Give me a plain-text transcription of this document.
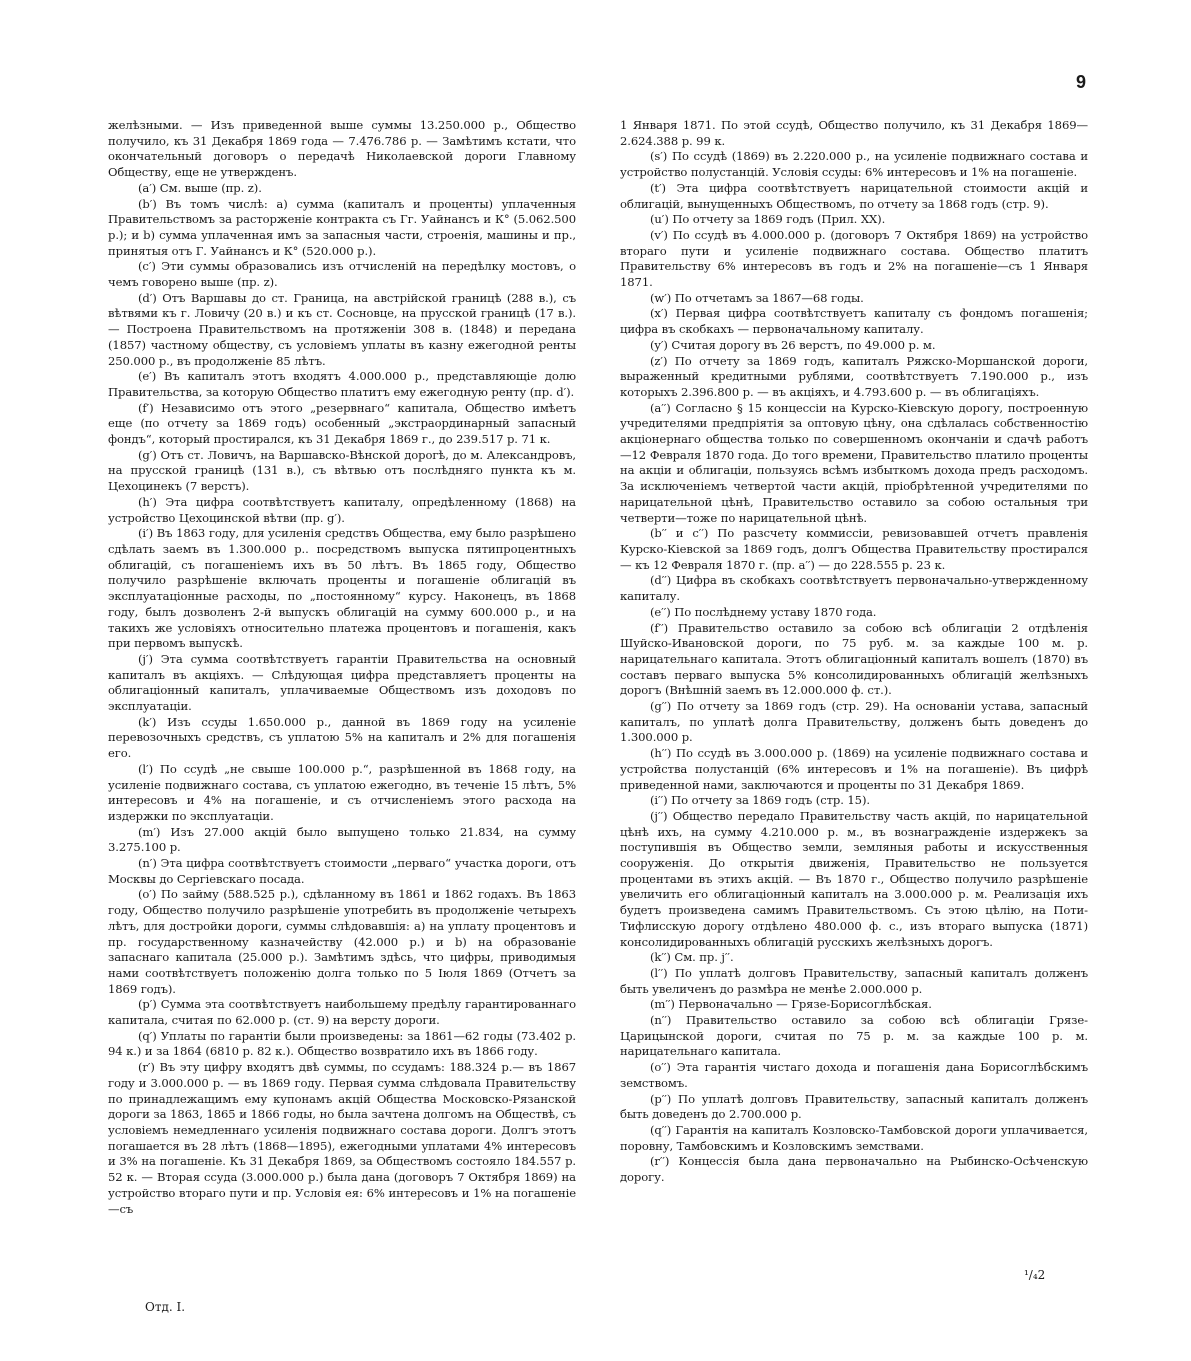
9

желѣзными. — Изъ приведенной выше суммы 13.250.000 р., Общество получило, къ 31 Декабря 1869 года — 7.476.786 р. — Замѣтимъ кстати, что окончательный договоръ о передачѣ Николаевской дороги Главному Обществу, еще не утвержденъ.

(a′) См. выше (пр. z).

(b′) Въ томъ числѣ: а) сумма (капиталъ и проценты) уплаченныя Правительствомъ за расторженіе контракта съ Гг. Уайнансъ и К° (5.062.500 р.); и b) сумма уплаченная имъ за запасныя части, строенія, машины и пр., принятыя отъ Г. Уайнансъ и К° (520.000 р.).

(c′) Эти суммы образовались изъ отчисленій на передѣлку мостовъ, о чемъ говорено выше (пр. z).

(d′) Отъ Варшавы до ст. Граница, на австрійской границѣ (288 в.), съ вѣтвями къ г. Ловичу (20 в.) и къ ст. Сосновце, на прусской границѣ (17 в.). — Построена Правительствомъ на протяженіи 308 в. (1848) и передана (1857) частному обществу, съ условіемъ уплаты въ казну ежегодной ренты 250.000 р., въ продолженіе 85 лѣтъ.

(e′) Въ капиталъ этотъ входятъ 4.000.000 р., представляющіе долю Правительства, за которую Общество платитъ ему ежегодную ренту (пр. d′).

(f′) Независимо отъ этого „резервнаго“ капитала, Общество имѣетъ еще (по отчету за 1869 годъ) особенный „экстраординарный запасный фондъ“, который простирался, къ 31 Декабря 1869 г., до 239.517 р. 71 к.

(g′) Отъ ст. Ловичъ, на Варшавско-Вѣнской дорогѣ, до м. Александровъ, на прусской границѣ (131 в.), съ вѣтвью отъ послѣдняго пункта къ м. Цехоцинекъ (7 верстъ).

(h′) Эта цифра соотвѣтствуетъ капиталу, опредѣленному (1868) на устройство Цехоцинской вѣтви (пр. g′).

(i′) Въ 1863 году, для усиленія средствъ Общества, ему было разрѣшено сдѣлать заемъ въ 1.300.000 р.. посредствомъ выпуска пятипроцентныхъ облигацій, съ погашеніемъ ихъ въ 50 лѣтъ. Въ 1865 году, Общество получило разрѣшеніе включать проценты и погашеніе облигацій въ эксплуатаціонные расходы, по „постоянному“ курсу. Наконецъ, въ 1868 году, былъ дозволенъ 2-й выпускъ облигацій на сумму 600.000 р., и на такихъ же условіяхъ относительно платежа процентовъ и погашенія, какъ при первомъ выпускѣ.

(j′) Эта сумма соотвѣтствуетъ гарантіи Правительства на основный капиталъ въ акціяхъ. — Слѣдующая цифра представляетъ проценты на облигаціонный капиталъ, уплачиваемые Обществомъ изъ доходовъ по эксплуатаціи.

(k′) Изъ ссуды 1.650.000 р., данной въ 1869 году на усиленіе перевозочныхъ средствъ, съ уплатою 5% на капиталъ и 2% для погашенія его.

(l′) По ссудѣ „не свыше 100.000 р.“, разрѣшенной въ 1868 году, на усиленіе подвижнаго состава, съ уплатою ежегодно, въ теченіе 15 лѣтъ, 5% интересовъ и 4% на погашеніе, и съ отчисленіемъ этого расхода на издержки по эксплуатаціи.

(m′) Изъ 27.000 акцій было выпущено только 21.834, на сумму 3.275.100 р.

(n′) Эта цифра соотвѣтствуетъ стоимости „перваго“ участка дороги, отъ Москвы до Сергіевскаго посада.

(o′) По займу (588.525 р.), сдѣланному въ 1861 и 1862 годахъ. Въ 1863 году, Общество получило разрѣшеніе употребить въ продолженіе четырехъ лѣтъ, для достройки дороги, суммы слѣдовавшія: а) на уплату процентовъ и пр. государственному казначейству (42.000 р.) и b) на образованіе запаснаго капитала (25.000 р.). Замѣтимъ здѣсь, что цифры, приводимыя нами соотвѣтствуетъ положенію долга только по 5 Іюля 1869 (Отчетъ за 1869 годъ).

(p′) Сумма эта соотвѣтствуетъ наибольшему предѣлу гарантированнаго капитала, считая по 62.000 р. (ст. 9) на версту дороги.

(q′) Уплаты по гарантіи были произведены: за 1861—62 годы (73.402 р. 94 к.) и за 1864 (6810 р. 82 к.). Общество возвратило ихъ въ 1866 году.

(r′) Въ эту цифру входятъ двѣ суммы, по ссудамъ: 188.324 р.— въ 1867 году и 3.000.000 р. — въ 1869 году. Первая сумма слѣдовала Правительству по принадлежащимъ ему купонамъ акцій Общества Московско-Рязанской дороги за 1863, 1865 и 1866 годы, но была зачтена долгомъ на Обществѣ, съ условіемъ немедленнаго усиленія подвижнаго состава дороги. Долгъ этотъ погашается въ 28 лѣтъ (1868—1895), ежегодными уплатами 4% интересовъ и 3% на погашеніе. Къ 31 Декабря 1869, за Обществомъ состояло 184.557 р. 52 к. — Вторая ссуда (3.000.000 р.) была дана (договоръ 7 Октября 1869) на устройство втораго пути и пр. Условія ея: 6% интересовъ и 1% на погашеніе—съ

1 Января 1871. По этой ссудѣ, Общество получило, къ 31 Декабря 1869—2.624.388 р. 99 к.

(s′) По ссудѣ (1869) въ 2.220.000 р., на усиленіе подвижнаго состава и устройство полустанцій. Условія ссуды: 6% интересовъ и 1% на погашеніе.

(t′) Эта цифра соотвѣтствуетъ нарицательной стоимости акцій и облигацій, вынущенныхъ Обществомъ, по отчету за 1868 годъ (стр. 9).

(u′) По отчету за 1869 годъ (Прил. XX).

(v′) По ссудѣ въ 4.000.000 р. (договоръ 7 Октября 1869) на устройство втораго пути и усиленіе подвижнаго состава. Общество платитъ Правительству 6% интересовъ въ годъ и 2% на погашеніе—съ 1 Января 1871.

(w′) По отчетамъ за 1867—68 годы.

(x′) Первая цифра соотвѣтствуетъ капиталу съ фондомъ погашенія; цифра въ скобкахъ — первоначальному капиталу.

(y′) Считая дорогу въ 26 верстъ, по 49.000 р. м.

(z′) По отчету за 1869 годъ, капиталъ Ряжско-Моршанской дороги, выраженный кредитными рублями, соотвѣтствуетъ 7.190.000 р., изъ которыхъ 2.396.800 р. — въ акціяхъ, и 4.793.600 р. — въ облигаціяхъ.

(a′′) Согласно § 15 концессіи на Курско-Кіевскую дорогу, построенную учредителями предпріятія за оптовую цѣну, она сдѣлалась собственностію акціонернаго общества только по совершенномъ окончаніи и сдачѣ работъ—12 Февраля 1870 года. До того времени, Правительство платило проценты на акціи и облигаціи, пользуясь всѣмъ избыткомъ дохода предъ расходомъ. За исключеніемъ четвертой части акцій, пріобрѣтенной учредителями по нарицательной цѣнѣ, Правительство оставило за собою остальныя три четверти—тоже по нарицательной цѣнѣ.

(b′′ и c′′) По разсчету коммиссіи, ревизовавшей отчетъ правленія Курско-Кіевской за 1869 годъ, долгъ Общества Правительству простирался — къ 12 Февраля 1870 г. (пр. a′′) — до 228.555 р. 23 к.

(d′′) Цифра въ скобкахъ соотвѣтствуетъ первоначально-утвержденному капиталу.

(e′′) По послѣднему уставу 1870 года.

(f′′) Правительство оставило за собою всѣ облигаціи 2 отдѣленія Шуйско-Ивановской дороги, по 75 руб. м. за каждые 100 м. р. нарицательнаго капитала. Этотъ облигаціонный капиталъ вошелъ (1870) въ составъ перваго выпуска 5% консолидированныхъ облигацій желѣзныхъ дорогъ (Внѣшній заемъ въ 12.000.000 ф. ст.).

(g′′) По отчету за 1869 годъ (стр. 29). На основаніи устава, запасный капиталъ, по уплатѣ долга Правительству, долженъ быть доведенъ до 1.300.000 р.

(h′′) По ссудѣ въ 3.000.000 р. (1869) на усиленіе подвижнаго состава и устройства полустанцій (6% интересовъ и 1% на погашеніе). Въ цифрѣ приведенной нами, заключаются и проценты по 31 Декабря 1869.

(i′′) По отчету за 1869 годъ (стр. 15).

(j′′) Общество передало Правительству часть акцій, по нарицательной цѣнѣ ихъ, на сумму 4.210.000 р. м., въ вознагражденіе издержекъ за поступившія въ Общество земли, земляныя работы и искусственныя сооруженія. До открытія движенія, Правительство не пользуется процентами въ этихъ акцій. — Въ 1870 г., Общество получило разрѣшеніе увеличить его облигаціонный капиталъ на 3.000.000 р. м. Реализація ихъ будетъ произведена самимъ Правительствомъ. Съ этою цѣлію, на Поти-Тифлисскую дорогу отдѣлено 480.000 ф. с., изъ втораго выпуска (1871) консолидированныхъ облигацій русскихъ желѣзныхъ дорогъ.

(k′′) См. пр. j′′.

(l′′) По уплатѣ долговъ Правительству, запасный капиталъ долженъ быть увеличенъ до размѣра не менѣе 2.000.000 р.

(m′′) Первоначально — Грязе-Борисоглѣбская.

(n′′) Правительство оставило за собою всѣ облигаціи Грязе-Царицынской дороги, считая по 75 р. м. за каждые 100 р. м. нарицательнаго капитала.

(o′′) Эта гарантія чистаго дохода и погашенія дана Борисоглѣбскимъ земствомъ.

(p′′) По уплатѣ долговъ Правительству, запасный капиталъ долженъ быть доведенъ до 2.700.000 р.

(q′′) Гарантія на капиталъ Козловско-Тамбовской дороги уплачивается, поровну, Тамбовскимъ и Козловскимъ земствами.

(r′′) Концессія была дана первоначально на Рыбинско-Осѣченскую дорогу.

Отд. I.
¹/₄2
